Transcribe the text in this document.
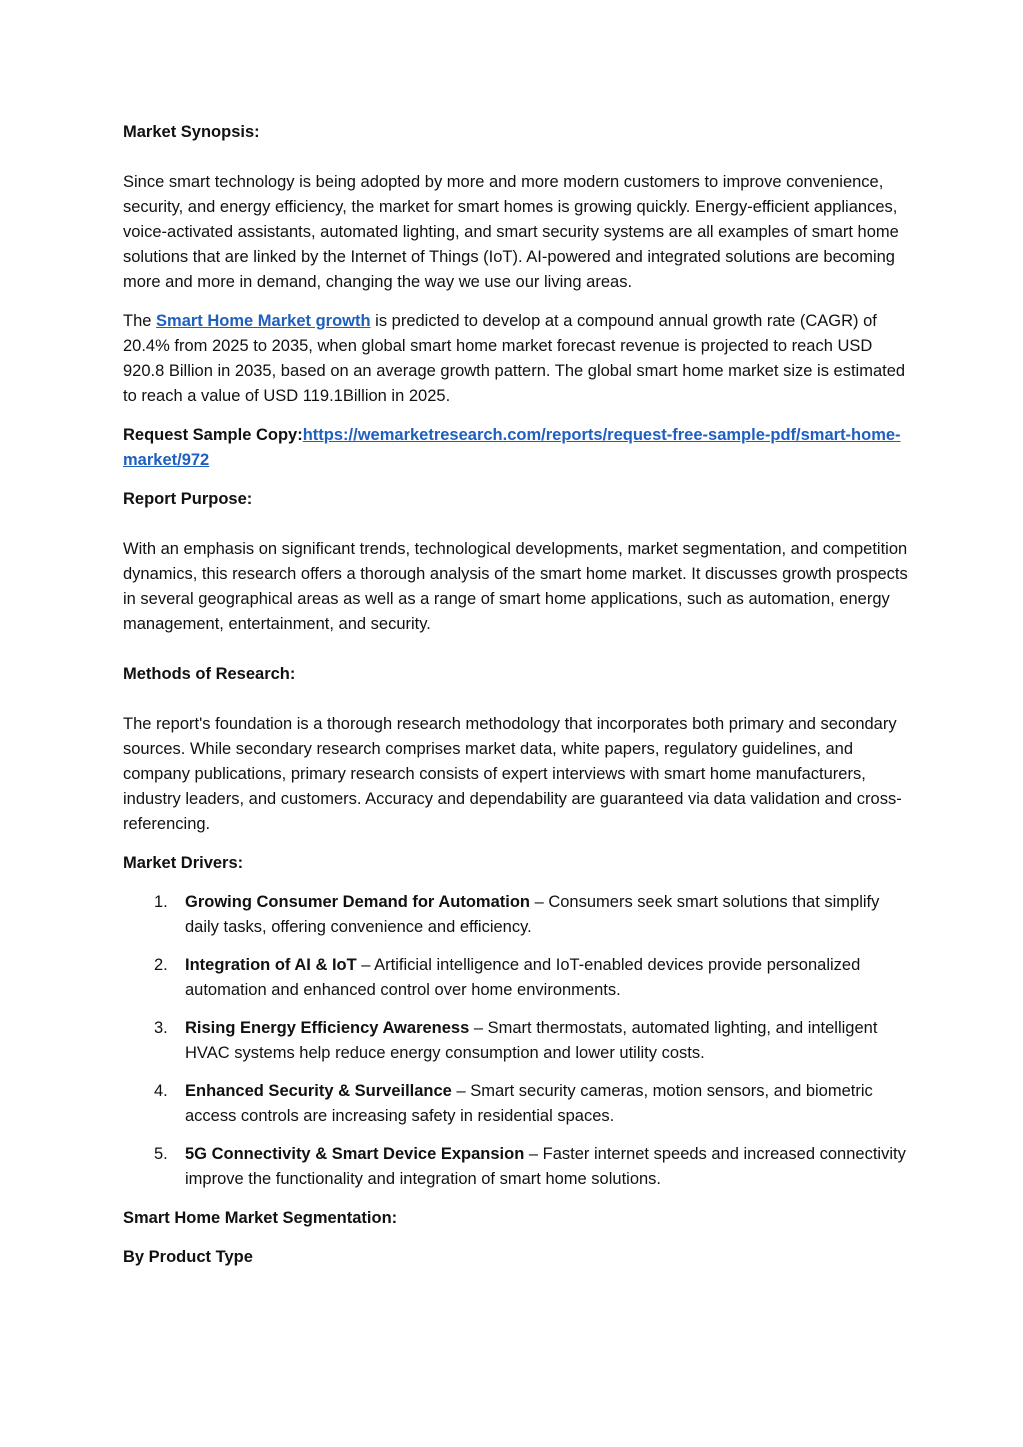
Market Synopsis:

Since smart technology is being adopted by more and more modern customers to improve convenience, security, and energy efficiency, the market for smart homes is growing quickly. Energy-efficient appliances, voice-activated assistants, automated lighting, and smart security systems are all examples of smart home solutions that are linked by the Internet of Things (IoT). AI-powered and integrated solutions are becoming more and more in demand, changing the way we use our living areas.

The Smart Home Market growth is predicted to develop at a compound annual growth rate (CAGR) of 20.4% from 2025 to 2035, when global smart home market forecast revenue is projected to reach USD 920.8 Billion in 2035, based on an average growth pattern. The global smart home market size is estimated to reach a value of USD 119.1Billion in 2025.

Request Sample Copy:https://wemarketresearch.com/reports/request-free-sample-pdf/smart-home-market/972

Report Purpose:

With an emphasis on significant trends, technological developments, market segmentation, and competition dynamics, this research offers a thorough analysis of the smart home market. It discusses growth prospects in several geographical areas as well as a range of smart home applications, such as automation, energy management, entertainment, and security.

Methods of Research:

The report's foundation is a thorough research methodology that incorporates both primary and secondary sources. While secondary research comprises market data, white papers, regulatory guidelines, and company publications, primary research consists of expert interviews with smart home manufacturers, industry leaders, and customers. Accuracy and dependability are guaranteed via data validation and cross-referencing.

Market Drivers:

1. Growing Consumer Demand for Automation – Consumers seek smart solutions that simplify daily tasks, offering convenience and efficiency.
2. Integration of AI & IoT – Artificial intelligence and IoT-enabled devices provide personalized automation and enhanced control over home environments.
3. Rising Energy Efficiency Awareness – Smart thermostats, automated lighting, and intelligent HVAC systems help reduce energy consumption and lower utility costs.
4. Enhanced Security & Surveillance – Smart security cameras, motion sensors, and biometric access controls are increasing safety in residential spaces.
5. 5G Connectivity & Smart Device Expansion – Faster internet speeds and increased connectivity improve the functionality and integration of smart home solutions.

Smart Home Market Segmentation:

By Product Type
